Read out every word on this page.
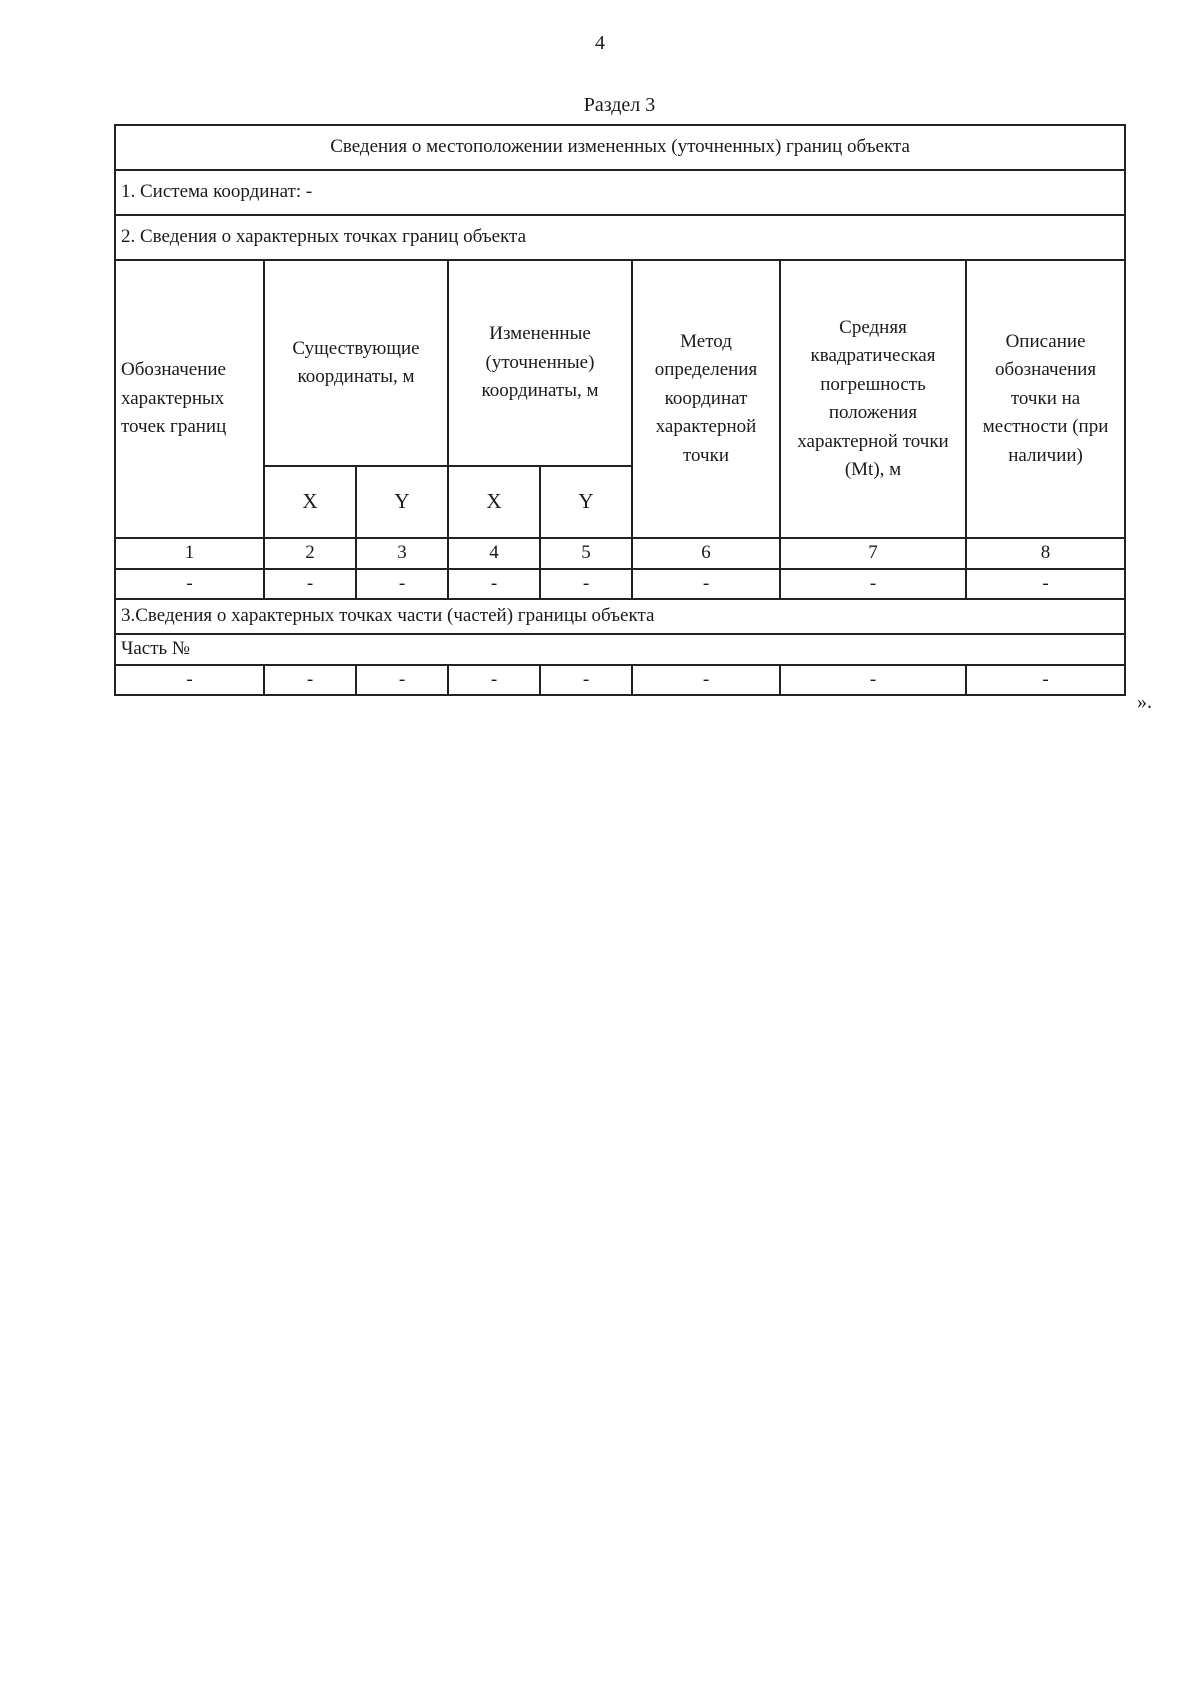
4
Раздел 3
Сведения о местоположении измененных (уточненных) границ объекта							
1. Система координат: -							
2. Сведения о характерных точках границ объекта							
Обозначение характерных точек границ	Существующие координаты, м		Измененные (уточненные) координаты, м		Метод определения координат характерной точки	Средняя квадратическая погрешность положения характерной точки (Mt), м	Описание обозначения точки на местности (при наличии)
	X	Y	X	Y			
1	2	3	4	5	6	7	8
-	-	-	-	-	-	-	-
3.Сведения о характерных точках части (частей) границы объекта							
Часть №							
-	-	-	-	-	-	-	-
».
